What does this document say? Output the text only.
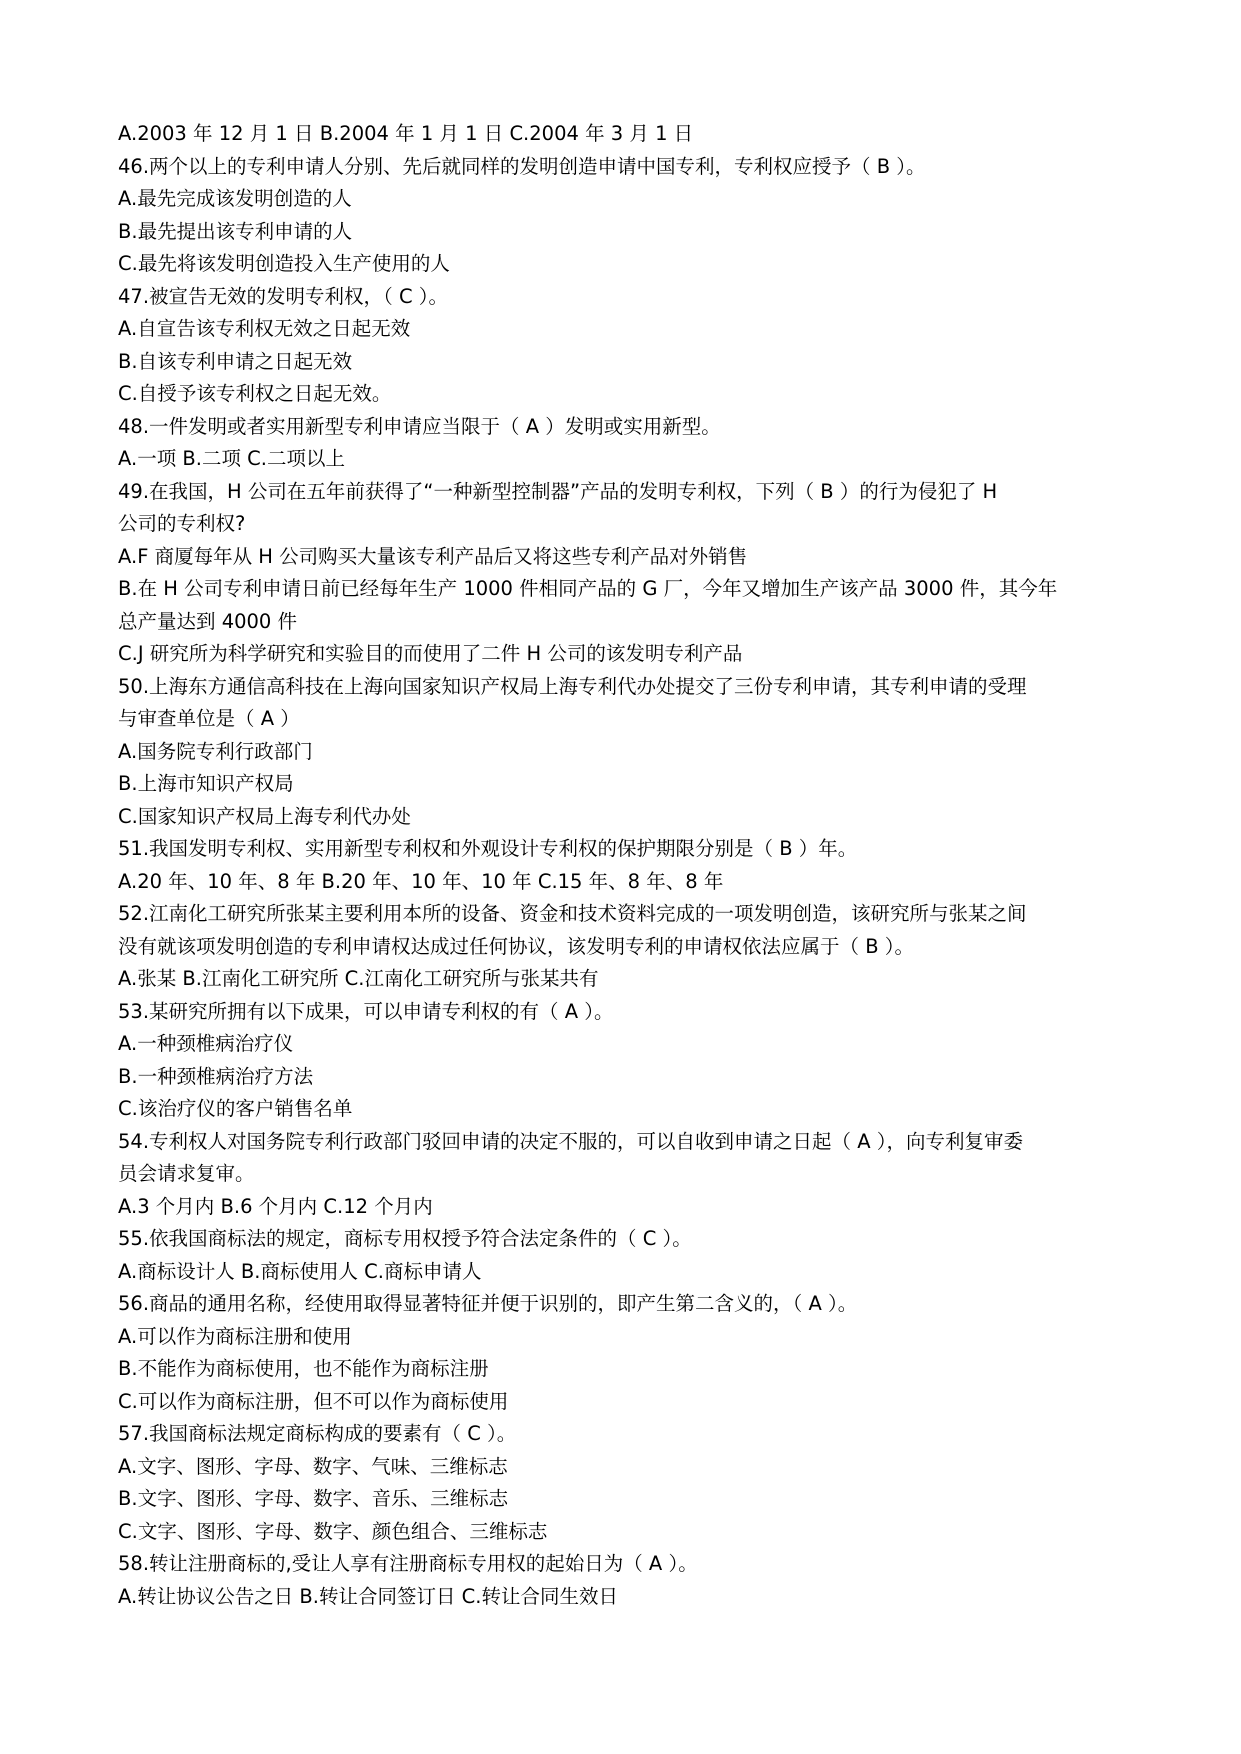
A.2003 年 12 月 1 日 B.2004 年 1 月 1 日 C.2004 年 3 月 1 日
46.两个以上的专利申请人分别、先后就同样的发明创造申请中国专利，专利权应授予（ B ）。
A.最先完成该发明创造的人
B.最先提出该专利申请的人
C.最先将该发明创造投入生产使用的人
47.被宣告无效的发明专利权，（ C ）。
A.自宣告该专利权无效之日起无效
B.自该专利申请之日起无效
C.自授予该专利权之日起无效。
48.一件发明或者实用新型专利申请应当限于（ A ）发明或实用新型。
A.一项 B.二项 C.二项以上
49.在我国，H 公司在五年前获得了“一种新型控制器”产品的发明专利权，下列（ B ）的行为侵犯了 H
公司的专利权?
A.F 商厦每年从 H 公司购买大量该专利产品后又将这些专利产品对外销售
B.在 H 公司专利申请日前已经每年生产 1000 件相同产品的 G 厂，今年又增加生产该产品 3000 件，其今年
总产量达到 4000 件
C.J 研究所为科学研究和实验目的而使用了二件 H 公司的该发明专利产品
50.上海东方通信高科技在上海向国家知识产权局上海专利代办处提交了三份专利申请，其专利申请的受理
与审查单位是（ A ）
A.国务院专利行政部门
B.上海市知识产权局
C.国家知识产权局上海专利代办处
51.我国发明专利权、实用新型专利权和外观设计专利权的保护期限分别是（ B ）年。
A.20 年、10 年、8 年 B.20 年、10 年、10 年 C.15 年、8 年、8 年
52.江南化工研究所张某主要利用本所的设备、资金和技术资料完成的一项发明创造，该研究所与张某之间
没有就该项发明创造的专利申请权达成过任何协议，该发明专利的申请权依法应属于（ B ）。
A.张某 B.江南化工研究所 C.江南化工研究所与张某共有
53.某研究所拥有以下成果，可以申请专利权的有（ A ）。
A.一种颈椎病治疗仪
B.一种颈椎病治疗方法
C.该治疗仪的客户销售名单
54.专利权人对国务院专利行政部门驳回申请的决定不服的，可以自收到申请之日起（ A ），向专利复审委
员会请求复审。
A.3 个月内 B.6 个月内 C.12 个月内
55.依我国商标法的规定，商标专用权授予符合法定条件的（ C ）。
A.商标设计人 B.商标使用人 C.商标申请人
56.商品的通用名称，经使用取得显著特征并便于识别的，即产生第二含义的，（ A ）。
A.可以作为商标注册和使用
B.不能作为商标使用，也不能作为商标注册
C.可以作为商标注册，但不可以作为商标使用
57.我国商标法规定商标构成的要素有（ C ）。
A.文字、图形、字母、数字、气味、三维标志
B.文字、图形、字母、数字、音乐、三维标志
C.文字、图形、字母、数字、颜色组合、三维标志
58.转让注册商标的,受让人享有注册商标专用权的起始日为（ A ）。
A.转让协议公告之日 B.转让合同签订日 C.转让合同生效日
